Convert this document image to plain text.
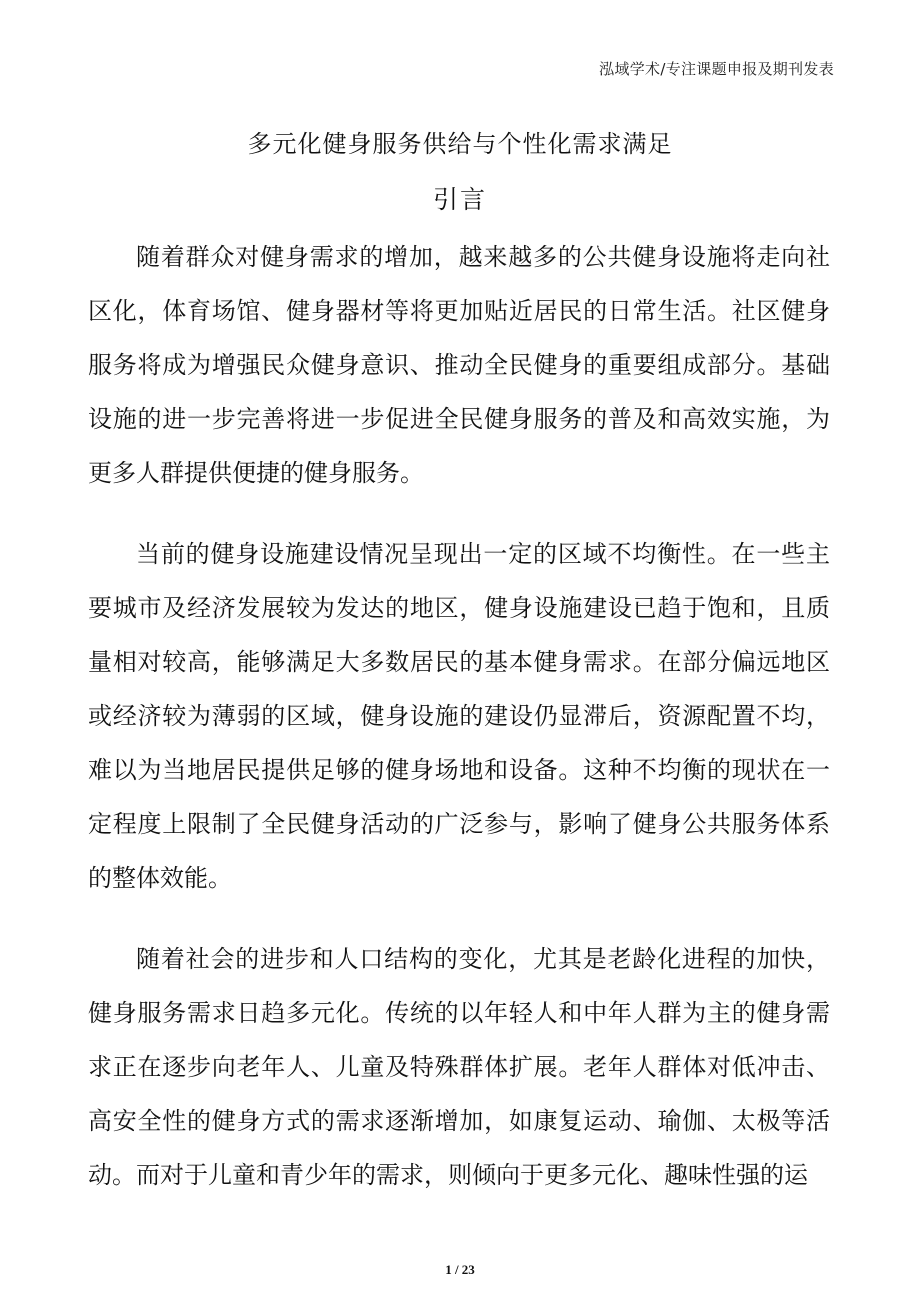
泓域学术/专注课题申报及期刊发表
多元化健身服务供给与个性化需求满足
引言

随着群众对健身需求的增加，越来越多的公共健身设施将走向社区化，体育场馆、健身器材等将更加贴近居民的日常生活。社区健身服务将成为增强民众健身意识、推动全民健身的重要组成部分。基础设施的进一步完善将进一步促进全民健身服务的普及和高效实施，为更多人群提供便捷的健身服务。

当前的健身设施建设情况呈现出一定的区域不均衡性。在一些主要城市及经济发展较为发达的地区，健身设施建设已趋于饱和，且质量相对较高，能够满足大多数居民的基本健身需求。在部分偏远地区或经济较为薄弱的区域，健身设施的建设仍显滞后，资源配置不均，难以为当地居民提供足够的健身场地和设备。这种不均衡的现状在一定程度上限制了全民健身活动的广泛参与，影响了健身公共服务体系的整体效能。

随着社会的进步和人口结构的变化，尤其是老龄化进程的加快，健身服务需求日趋多元化。传统的以年轻人和中年人群为主的健身需求正在逐步向老年人、儿童及特殊群体扩展。老年人群体对低冲击、高安全性的健身方式的需求逐渐增加，如康复运动、瑜伽、太极等活动。而对于儿童和青少年的需求，则倾向于更多元化、趣味性强的运

1 / 23
